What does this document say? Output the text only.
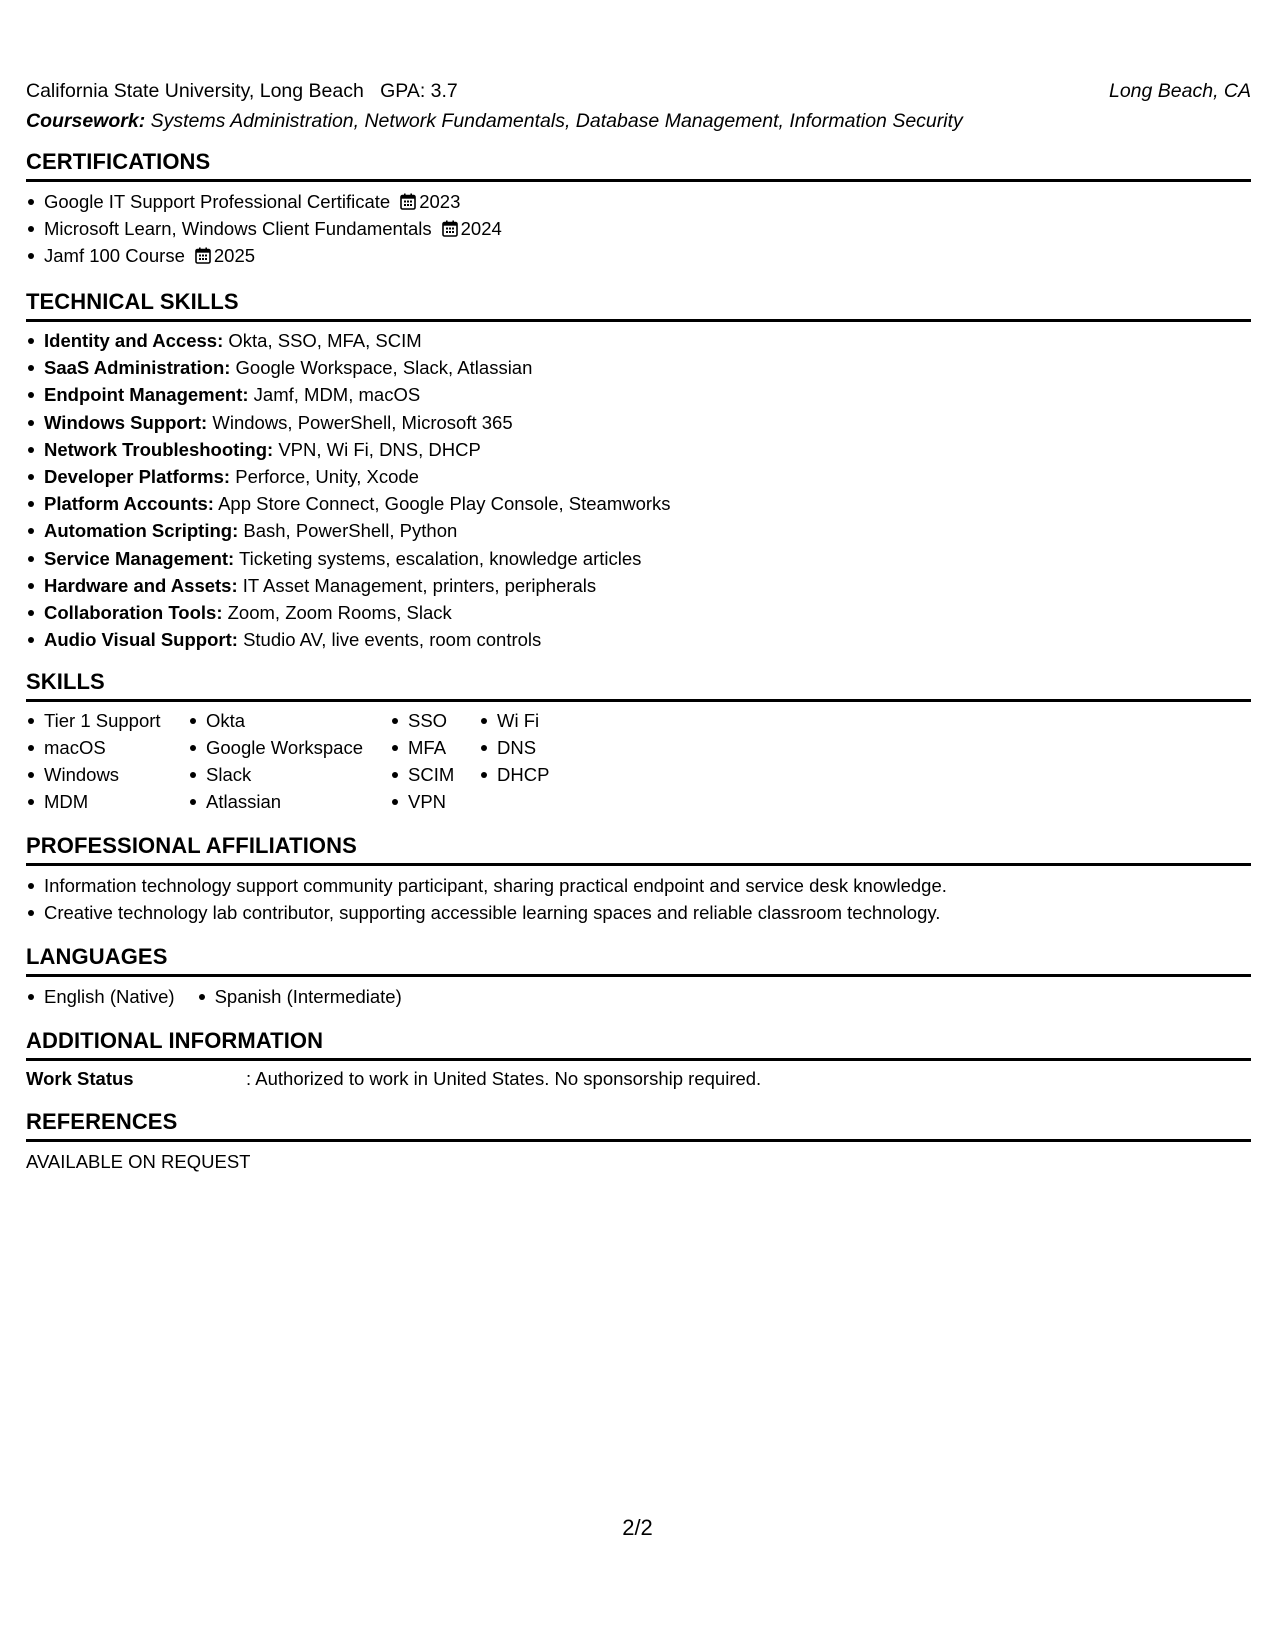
California State University, Long Beach GPA: 3.7	Long Beach, CA
Coursework: Systems Administration, Network Fundamentals, Database Management, Information Security
CERTIFICATIONS
Google IT Support Professional Certificate 2023
Microsoft Learn, Windows Client Fundamentals 2024
Jamf 100 Course 2025
TECHNICAL SKILLS
Identity and Access: Okta, SSO, MFA, SCIM
SaaS Administration: Google Workspace, Slack, Atlassian
Endpoint Management: Jamf, MDM, macOS
Windows Support: Windows, PowerShell, Microsoft 365
Network Troubleshooting: VPN, Wi Fi, DNS, DHCP
Developer Platforms: Perforce, Unity, Xcode
Platform Accounts: App Store Connect, Google Play Console, Steamworks
Automation Scripting: Bash, PowerShell, Python
Service Management: Ticketing systems, escalation, knowledge articles
Hardware and Assets: IT Asset Management, printers, peripherals
Collaboration Tools: Zoom, Zoom Rooms, Slack
Audio Visual Support: Studio AV, live events, room controls
SKILLS
Tier 1 Support
macOS
Windows
MDM
Okta
Google Workspace
Slack
Atlassian
SSO
MFA
SCIM
VPN
Wi Fi
DNS
DHCP
PROFESSIONAL AFFILIATIONS
Information technology support community participant, sharing practical endpoint and service desk knowledge.
Creative technology lab contributor, supporting accessible learning spaces and reliable classroom technology.
LANGUAGES
English (Native)	Spanish (Intermediate)
ADDITIONAL INFORMATION
Work Status	: Authorized to work in United States. No sponsorship required.
REFERENCES
AVAILABLE ON REQUEST
2/2
